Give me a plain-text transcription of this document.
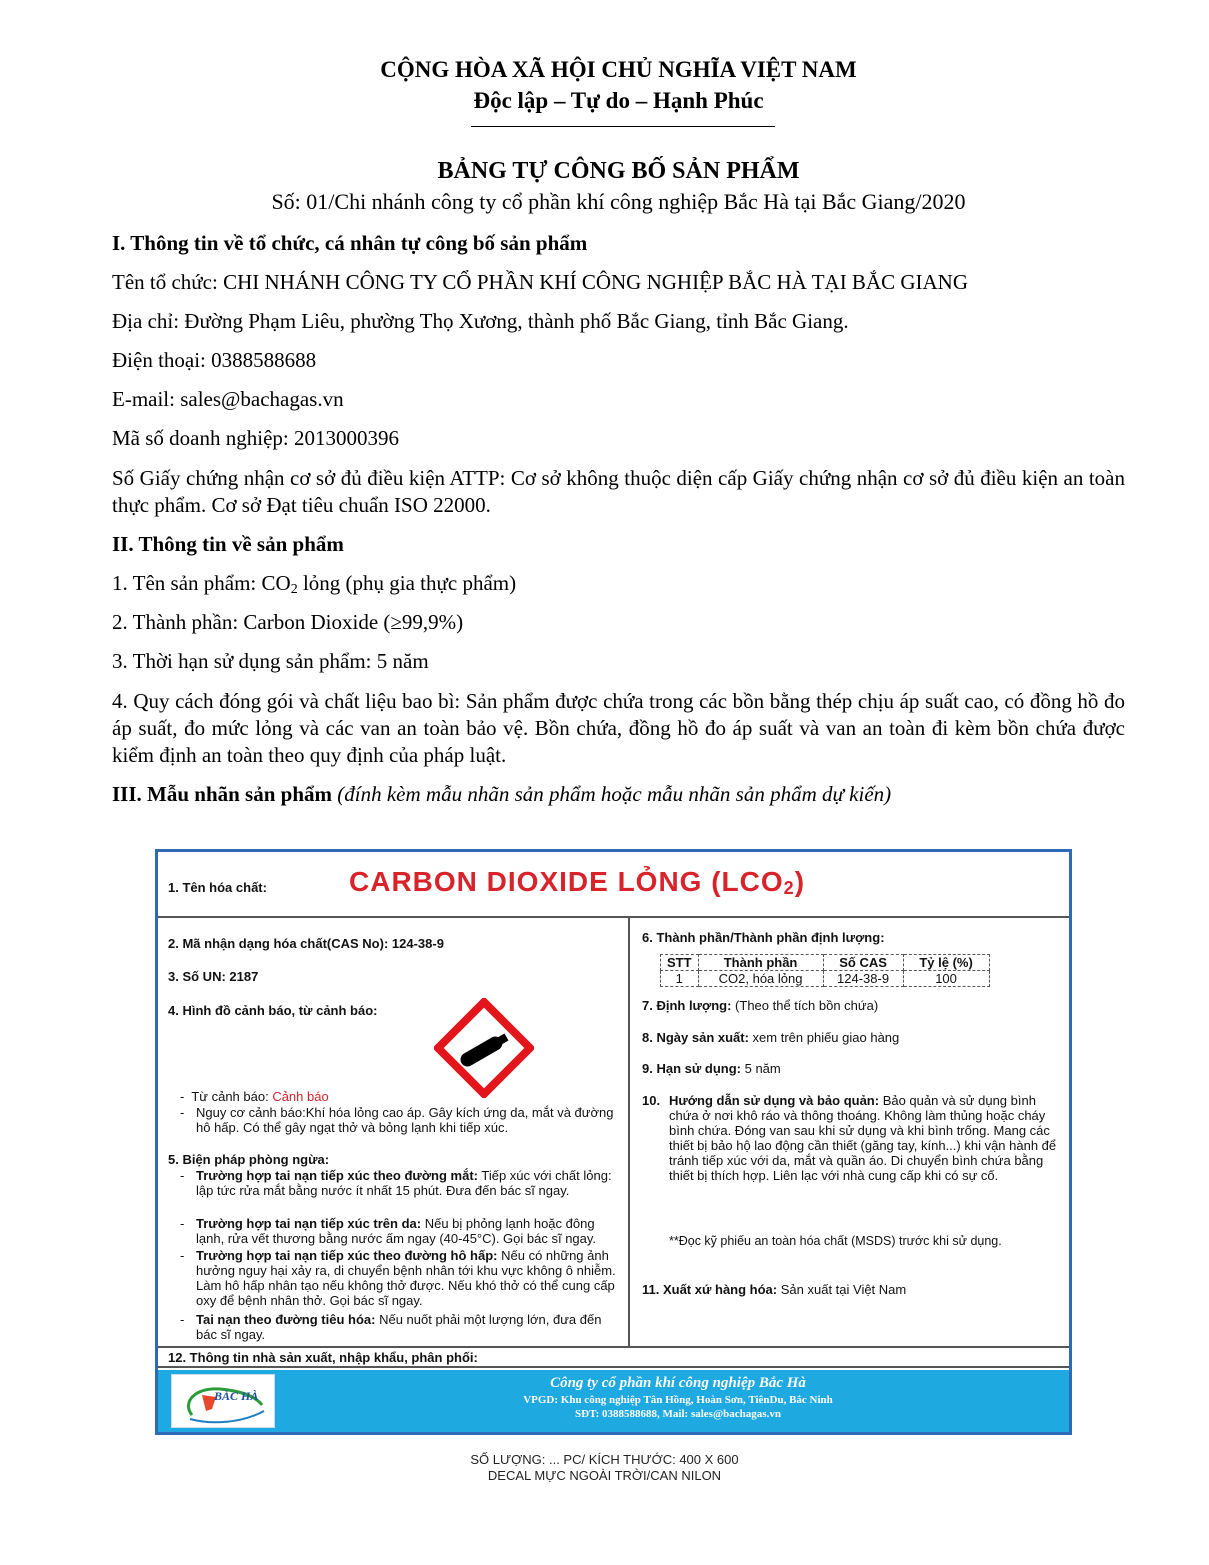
CỘNG HÒA XÃ HỘI CHỦ NGHĨA VIỆT NAM
Độc lập – Tự do – Hạnh Phúc
BẢNG TỰ CÔNG BỐ SẢN PHẨM
Số: 01/Chi nhánh công ty cổ phần khí công nghiệp Bắc Hà tại Bắc Giang/2020
I. Thông tin về tổ chức, cá nhân tự công bố sản phẩm
Tên tổ chức: CHI NHÁNH CÔNG TY CỔ PHẦN KHÍ CÔNG NGHIỆP BẮC HÀ TẠI BẮC GIANG
Địa chỉ: Đường Phạm Liêu, phường Thọ Xương, thành phố Bắc Giang, tỉnh Bắc Giang.
Điện thoại: 0388588688
E-mail: sales@bachagas.vn
Mã số doanh nghiệp: 2013000396
Số Giấy chứng nhận cơ sở đủ điều kiện ATTP: Cơ sở không thuộc diện cấp Giấy chứng nhận cơ sở đủ điều kiện an toàn thực phẩm. Cơ sở Đạt tiêu chuẩn ISO 22000.
II. Thông tin về sản phẩm
1. Tên sản phẩm: $CO_2$ lỏng (phụ gia thực phẩm)
2. Thành phần: Carbon Dioxide (≥99,9%)
3. Thời hạn sử dụng sản phẩm: 5 năm
4. Quy cách đóng gói và chất liệu bao bì: Sản phẩm được chứa trong các bồn bằng thép chịu áp suất cao, có đồng hồ đo áp suất, đo mức lỏng và các van an toàn bảo vệ. Bồn chứa, đồng hồ đo áp suất và van an toàn đi kèm bồn chứa được kiểm định an toàn theo quy định của pháp luật.
III. Mẫu nhãn sản phẩm (đính kèm mẫu nhãn sản phẩm hoặc mẫu nhãn sản phẩm dự kiến)
1. Tên hóa chất:	CARBON DIOXIDE LỎNG $(LCO_2)$
2. Mã nhận dạng hóa chất(CAS No): 124-38-9
3. Số UN: 2187
4. Hình đồ cảnh báo, từ cảnh báo:
-  Từ cảnh báo: Cảnh báo
- Nguy cơ cảnh báo:Khí hóa lỏng cao áp. Gây kích ứng da, mắt và đường hô hấp. Có thể gây ngạt thở và bỏng lạnh khi tiếp xúc.
5. Biện pháp phòng ngừa:
- Trường hợp tai nạn tiếp xúc theo đường mắt: Tiếp xúc với chất lỏng: lập tức rửa mắt bằng nước ít nhất 15 phút. Đưa đến bác sĩ ngay.
- Trường hợp tai nạn tiếp xúc trên da: Nếu bị phỏng lạnh hoặc đông lạnh, rửa vết thương bằng nước ấm ngay (40-45°C). Gọi bác sĩ ngay.
- Trường hợp tai nạn tiếp xúc theo đường hô hấp: Nếu có những ảnh hưởng nguy hại xảy ra, di chuyển bệnh nhân tới khu vực không ô nhiễm. Làm hô hấp nhân tạo nếu không thở được. Nếu khó thở có thể cung cấp oxy để bệnh nhân thở. Gọi bác sĩ ngay.
- Tai nạn theo đường tiêu hóa: Nếu nuốt phải một lượng lớn, đưa đến bác sĩ ngay.
6. Thành phần/Thành phần định lượng:
STT	Thành phần	Số CAS	Tỷ lệ (%)
1	CO2, hóa lỏng	124-38-9	100
7. Định lượng: (Theo thể tích bồn chứa)
8. Ngày sản xuất: xem trên phiếu giao hàng
9. Hạn sử dụng: 5 năm
10. Hướng dẫn sử dụng và bảo quản: Bảo quản và sử dụng bình chứa ở nơi khô ráo và thông thoáng. Không làm thủng hoặc cháy bình chứa. Đóng van sau khi sử dụng và khi bình trống. Mang các thiết bị bảo hộ lao động cần thiết (găng tay, kính...) khi vận hành để tránh tiếp xúc với da, mắt và quần áo. Di chuyển bình chứa bằng thiết bị thích hợp. Liên lạc với nhà cung cấp khi có sự cố.
**Đọc kỹ phiếu an toàn hóa chất (MSDS) trước khi sử dụng.
11. Xuất xứ hàng hóa: Sản xuất tại Việt Nam
12. Thông tin nhà sản xuất, nhập khẩu, phân phối:
BẮC HÀ
Công ty cổ phần khí công nghiệp Bắc Hà
VPGD: Khu công nghiệp Tân Hồng, Hoàn Sơn, TiênDu, Bắc Ninh
SĐT: 0388588688, Mail: sales@bachagas.vn
SỐ LƯỢNG: ... PC/ KÍCH THƯỚC: 400 X 600
DECAL MỰC NGOÀI TRỜI/CAN NILON
